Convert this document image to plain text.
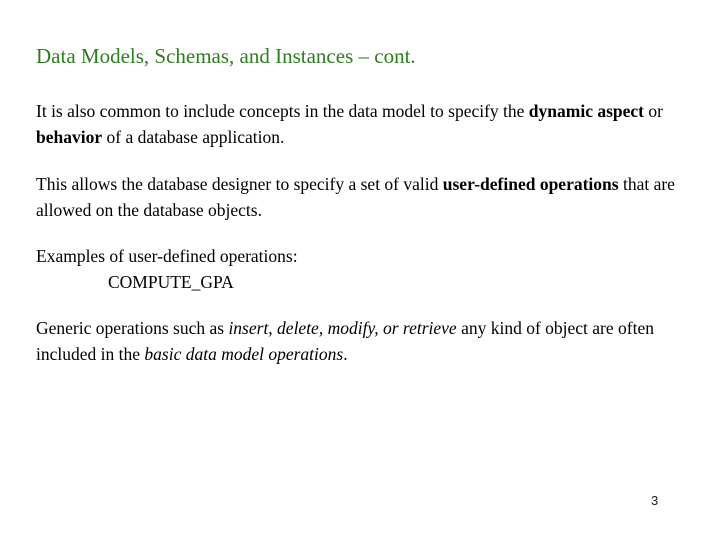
Data Models, Schemas, and Instances – cont.
It is also common to include concepts in the data model to specify the dynamic aspect or behavior of a database application.
This allows the database designer to specify a set of valid user-defined operations that are allowed on the database objects.
Examples of user-defined operations:
COMPUTE_GPA
Generic operations such as insert, delete, modify, or retrieve any kind of object are often included in the basic data model operations.
3
